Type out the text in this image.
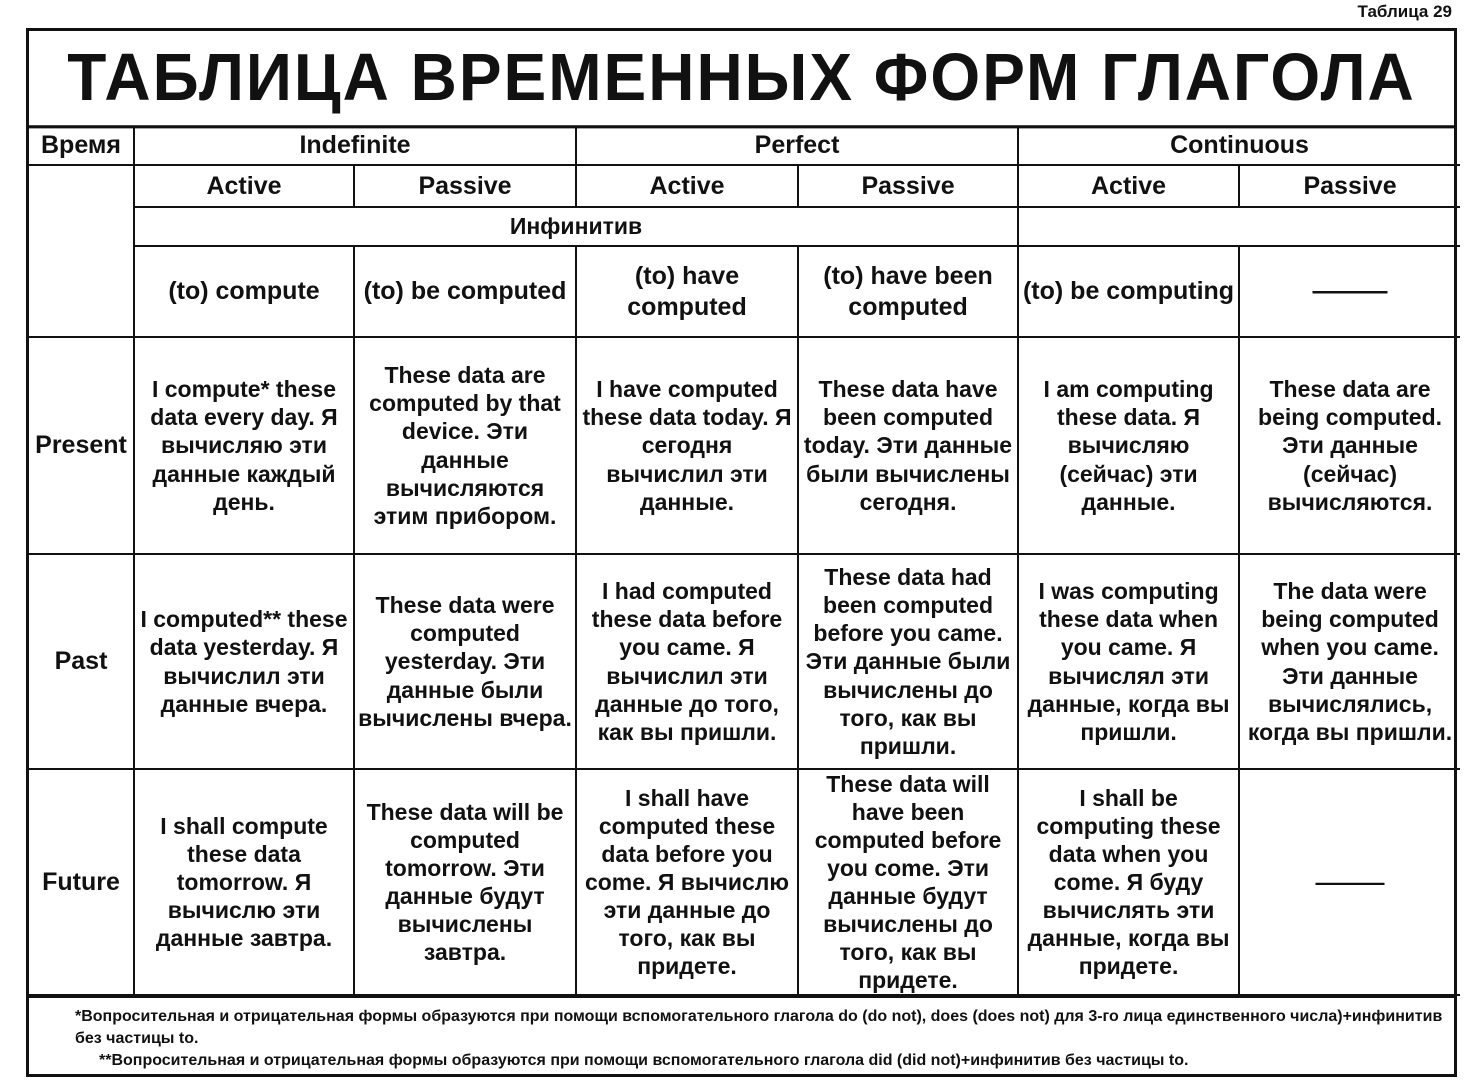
Таблица 29
ТАБЛИЦА ВРЕМЕННЫХ ФОРМ ГЛАГОЛА
Время	Indefinite		Perfect		Continuous	
	Active	Passive	Active	Passive	Active	Passive
	Инфинитив					
	(to) compute	(to) be computed	(to) have computed	(to) have been computed	(to) be computing	———
Present	I compute* these data every day. Я вычисляю эти данные каждый день.	These data are computed by that device. Эти данные вычисляются этим прибором.	I have computed these data today. Я сегодня вычислил эти данные.	These data have been computed today. Эти данные были вычислены сегодня.	I am computing these data. Я вычисляю (сейчас) эти данные.	These data are being computed. Эти данные (сейчас) вычисляются.
Past	I computed** these data yesterday. Я вычислил эти данные вчера.	These data were computed yesterday. Эти данные были вычислены вчера.	I had computed these data before you came. Я вычислил эти данные до того, как вы пришли.	These data had been computed before you came. Эти данные были вычислены до того, как вы пришли.	I was computing these data when you came. Я вычислял эти данные, когда вы пришли.	The data were being computed when you came. Эти данные вычислялись, когда вы пришли.
Future	I shall compute these data tomorrow. Я вычислю эти данные завтра.	These data will be computed tomorrow. Эти данные будут вычислены завтра.	I shall have computed these data before you come. Я вычислю эти данные до того, как вы придете.	These data will have been computed before you come. Эти данные будут вычислены до того, как вы придете.	I shall be computing these data when you come. Я буду вычислять эти данные, когда вы придете.	———

*Вопросительная и отрицательная формы образуются при помощи вспомогательного глагола do (do not), does (does not) для 3-го лица единственного числа)+инфинитив без частицы to.

**Вопросительная и отрицательная формы образуются при помощи вспомогательного глагола did (did not)+инфинитив без частицы to.
